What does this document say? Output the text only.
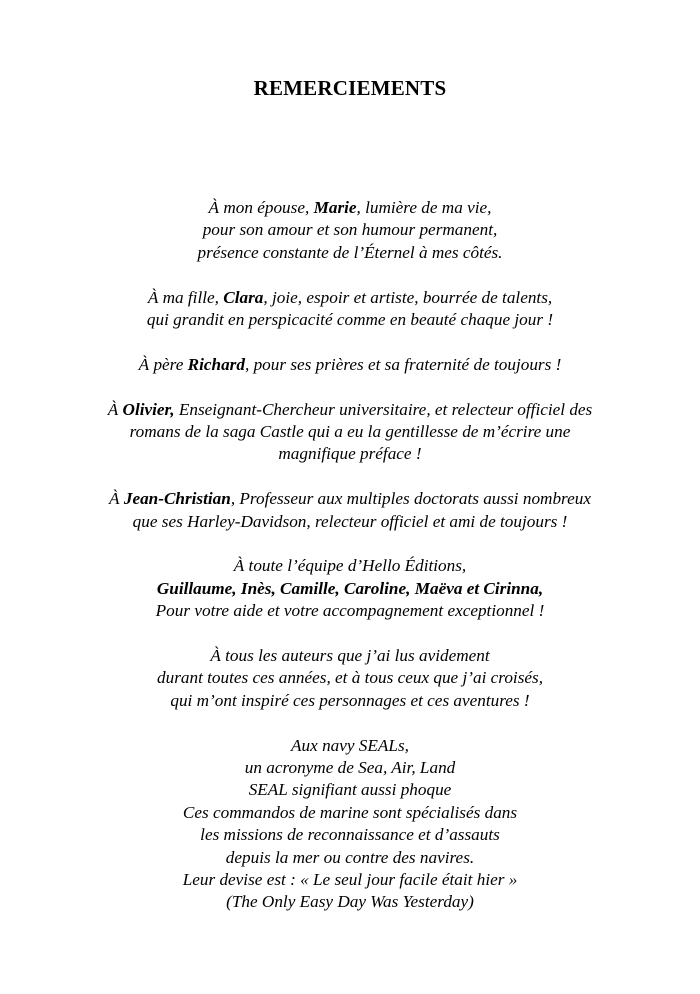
REMERCIEMENTS
À mon épouse, Marie, lumière de ma vie,
pour son amour et son humour permanent,
présence constante de l’Éternel à mes côtés.
À ma fille, Clara, joie, espoir et artiste, bourrée de talents,
qui grandit en perspicacité comme en beauté chaque jour !
À père Richard, pour ses prières et sa fraternité de toujours !
À Olivier, Enseignant-Chercheur universitaire, et relecteur officiel des
romans de la saga Castle qui a eu la gentillesse de m’écrire une
magnifique préface !
À Jean-Christian, Professeur aux multiples doctorats aussi nombreux
que ses Harley-Davidson, relecteur officiel et ami de toujours !
À toute l’équipe d’Hello Éditions,
Guillaume, Inès, Camille, Caroline, Maëva et Cirinna,
Pour votre aide et votre accompagnement exceptionnel !
À tous les auteurs que j’ai lus avidement
durant toutes ces années, et à tous ceux que j’ai croisés,
qui m’ont inspiré ces personnages et ces aventures !
Aux navy SEALs,
un acronyme de Sea, Air, Land
SEAL signifiant aussi phoque
Ces commandos de marine sont spécialisés dans
les missions de reconnaissance et d’assauts
depuis la mer ou contre des navires.
Leur devise est : « Le seul jour facile était hier »
(The Only Easy Day Was Yesterday)
